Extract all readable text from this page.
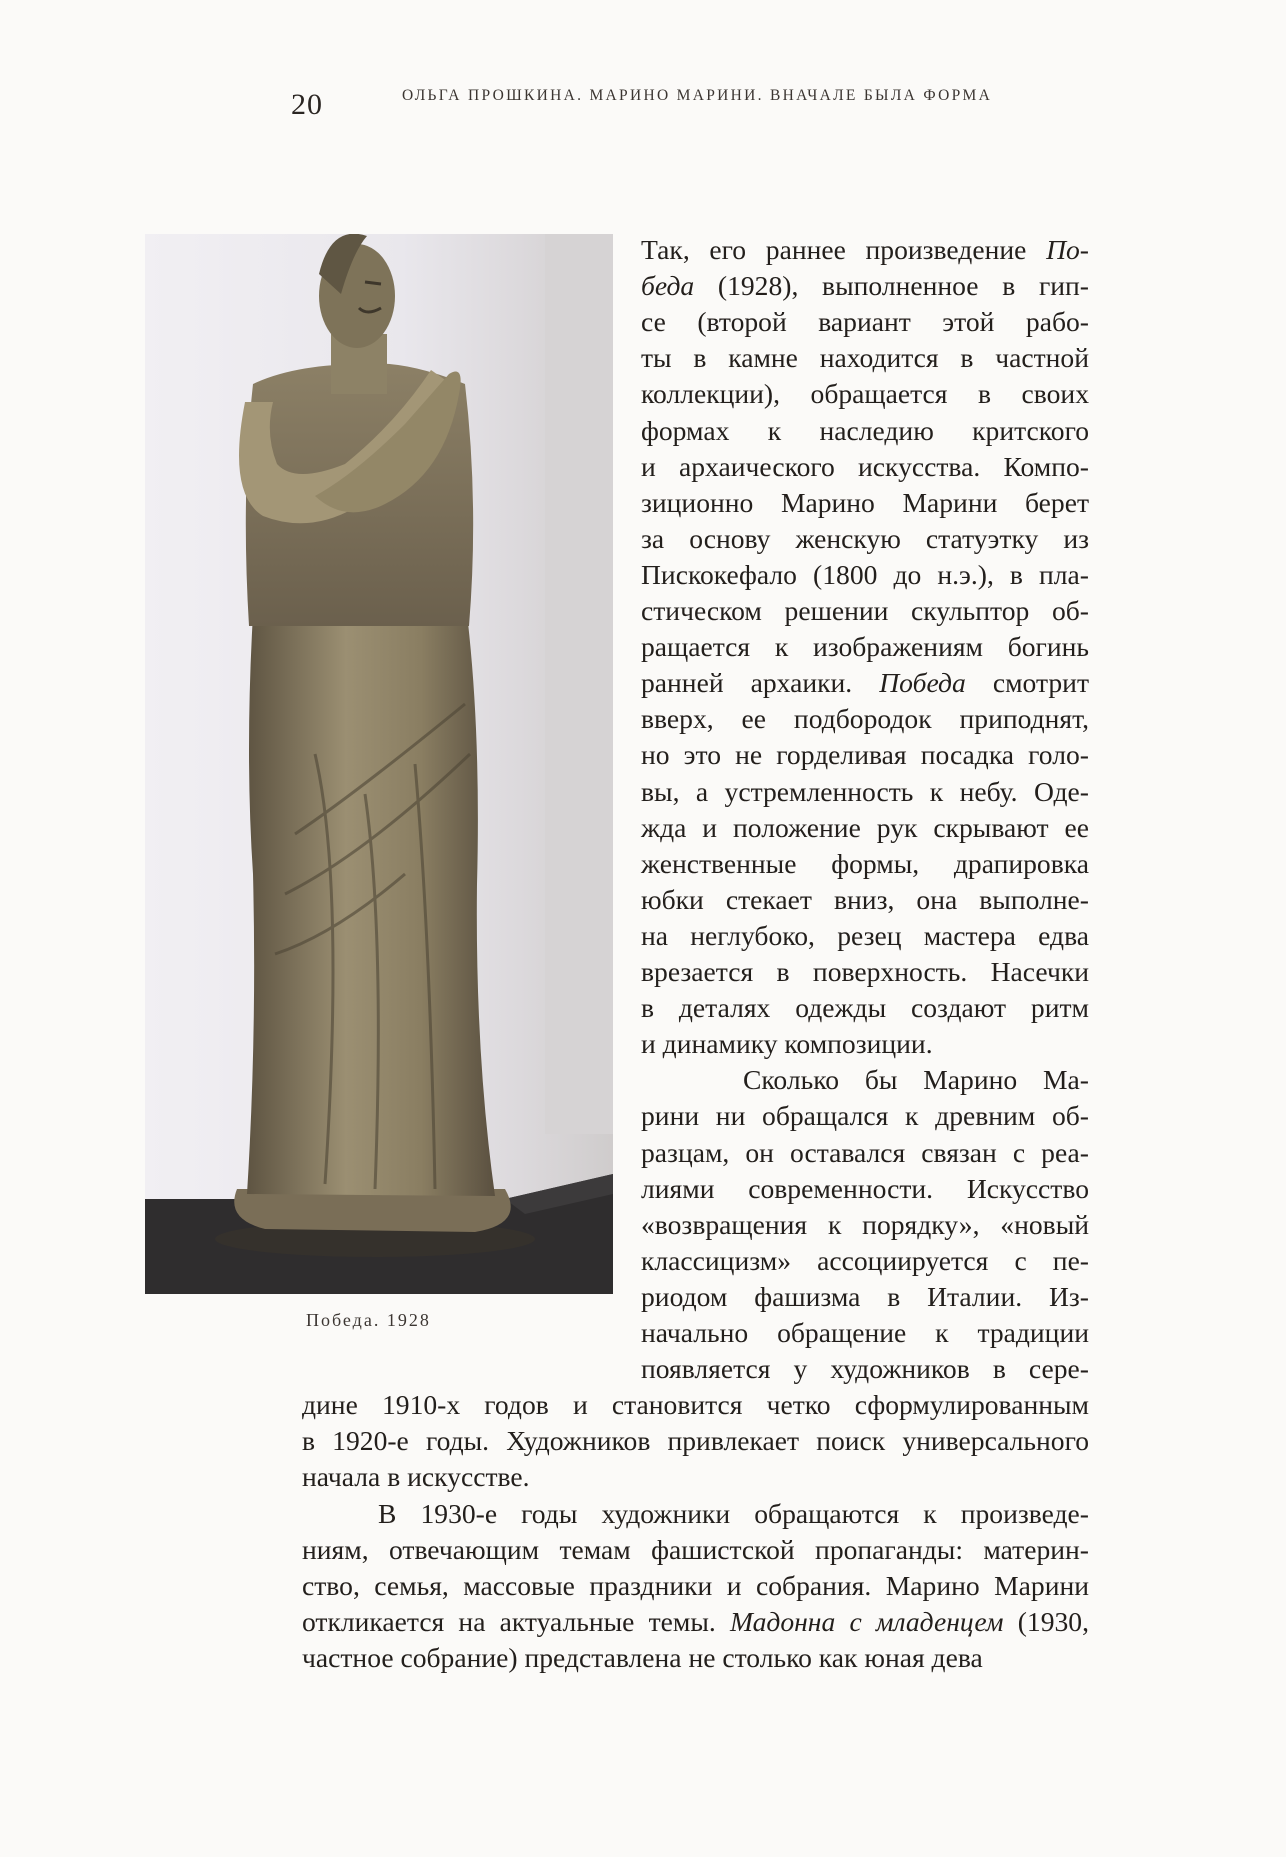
20	ОЛЬГА ПРОШКИНА. МАРИНО МАРИНИ. ВНАЧАЛЕ БЫЛА ФОРМА
Победа. 1928
Так, его раннее произведение По-
беда (1928), выполненное в гип-
се (второй вариант этой рабо-
ты в камне находится в частной
коллекции), обращается в своих
формах к наследию критского
и архаического искусства. Компо-
зиционно Марино Марини берет
за основу женскую статуэтку из
Пискокефало (1800 до н.э.), в пла-
стическом решении скульптор об-
ращается к изображениям богинь
ранней архаики. Победа смотрит
вверх, ее подбородок приподнят,
но это не горделивая посадка голо-
вы, а устремленность к небу. Оде-
жда и положение рук скрывают ее
женственные формы, драпировка
юбки стекает вниз, она выполне-
на неглубоко, резец мастера едва
врезается в поверхность. Насечки
в деталях одежды создают ритм
и динамику композиции.
Сколько бы Марино Ма-
рини ни обращался к древним об-
разцам, он оставался связан с реа-
лиями современности. Искусство
«возвращения к порядку», «новый
классицизм» ассоциируется с пе-
риодом фашизма в Италии. Из-
начально обращение к традиции
появляется у художников в сере-
дине 1910-х годов и становится четко сформулированным
в 1920-е годы. Художников привлекает поиск универсального
начала в искусстве.
В 1930-е годы художники обращаются к произведе-
ниям, отвечающим темам фашистской пропаганды: материн-
ство, семья, массовые праздники и собрания. Марино Марини
откликается на актуальные темы. Мадонна с младенцем (1930,
частное собрание) представлена не столько как юная дева
